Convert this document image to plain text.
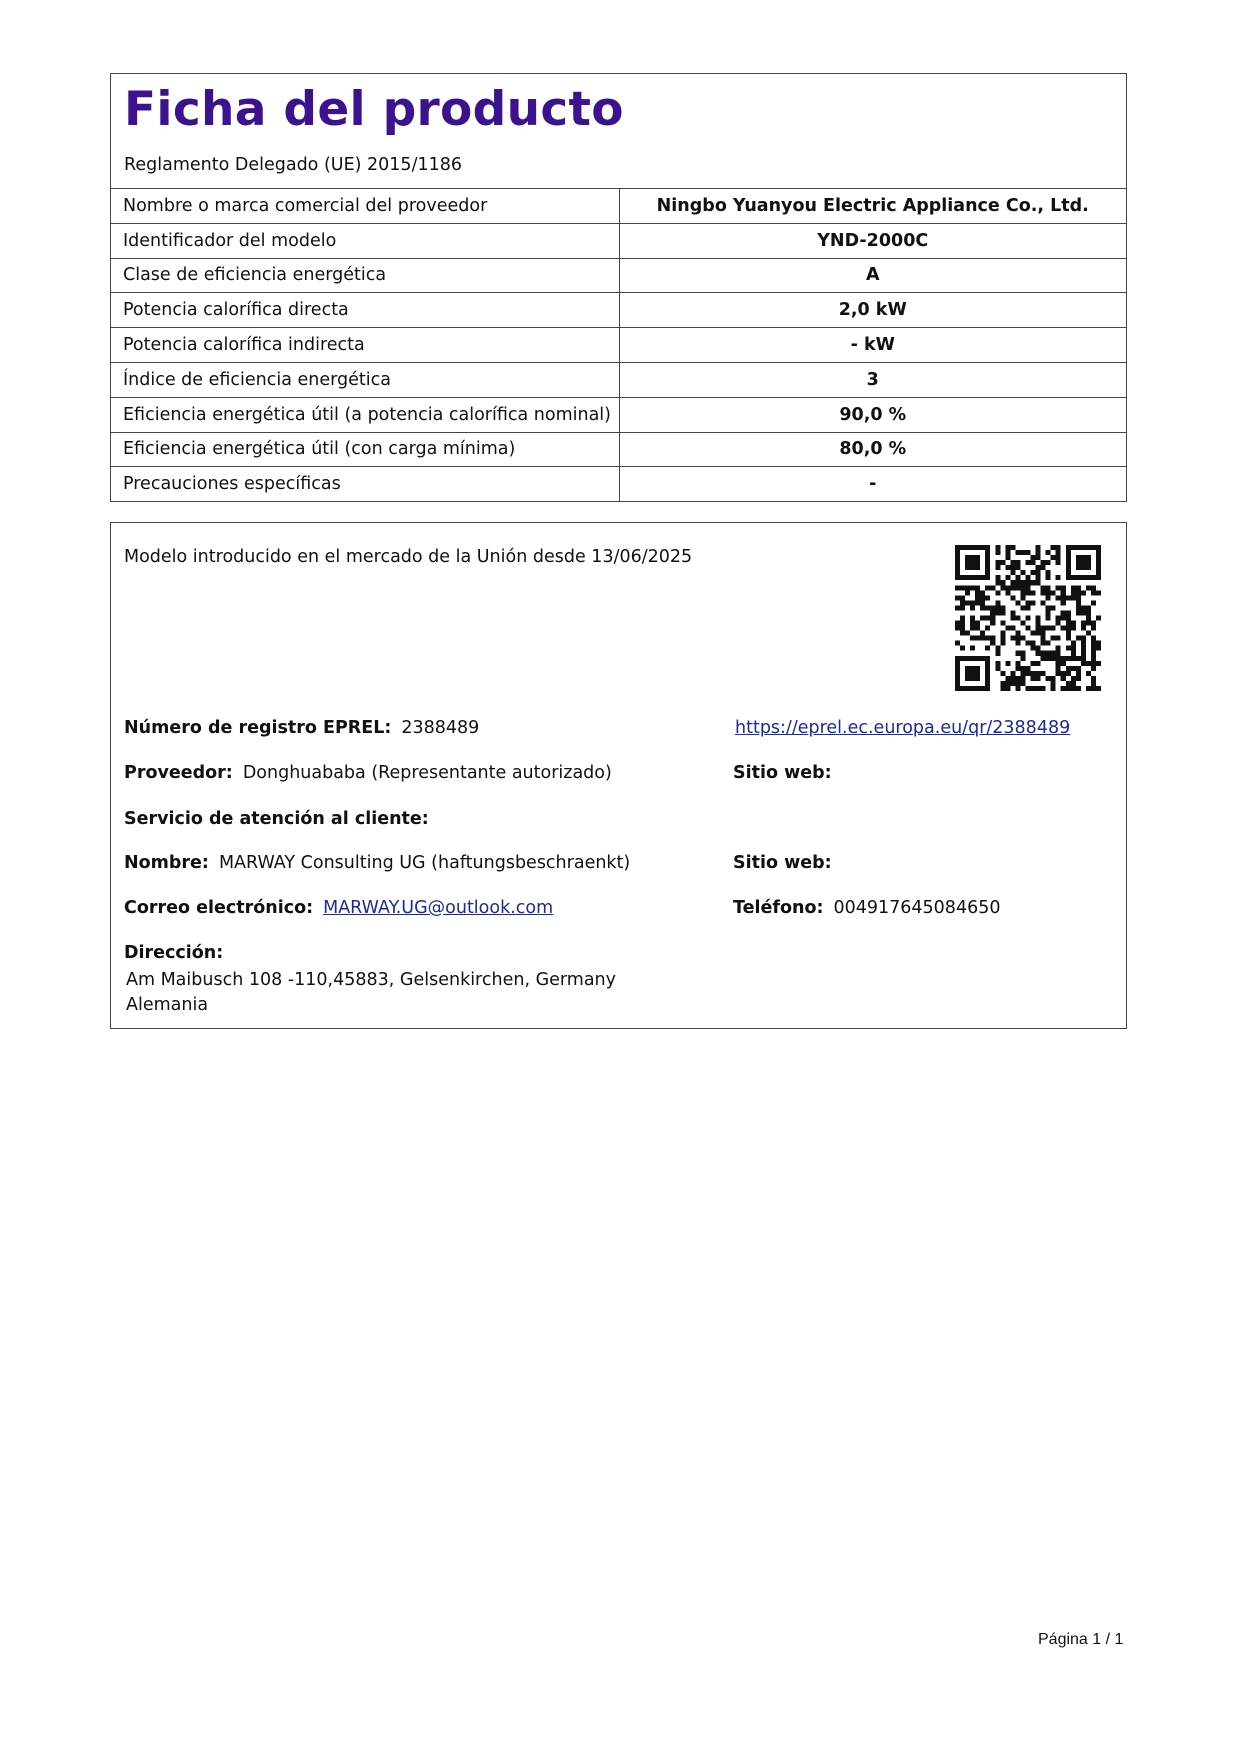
Ficha del producto
Reglamento Delegado (UE) 2015/1186
Nombre o marca comercial del proveedor	Ningbo Yuanyou Electric Appliance Co., Ltd.
Identificador del modelo	YND-2000C
Clase de eficiencia energética	A
Potencia calorífica directa	2,0 kW
Potencia calorífica indirecta	- kW
Índice de eficiencia energética	3
Eficiencia energética útil (a potencia calorífica nominal)	90,0 %
Eficiencia energética útil (con carga mínima)	80,0 %
Precauciones específicas	-
Modelo introducido en el mercado de la Unión desde 13/06/2025
Número de registro EPREL: 2388489	https://eprel.ec.europa.eu/qr/2388489
Proveedor: Donghuababa (Representante autorizado)	Sitio web:
Servicio de atención al cliente:
Nombre: MARWAY Consulting UG (haftungsbeschraenkt)	Sitio web:
Correo electrónico: MARWAY.UG@outlook.com	Teléfono: 004917645084650
Dirección:
Am Maibusch 108 -110,45883, Gelsenkirchen, Germany
Alemania
Página 1 / 1
